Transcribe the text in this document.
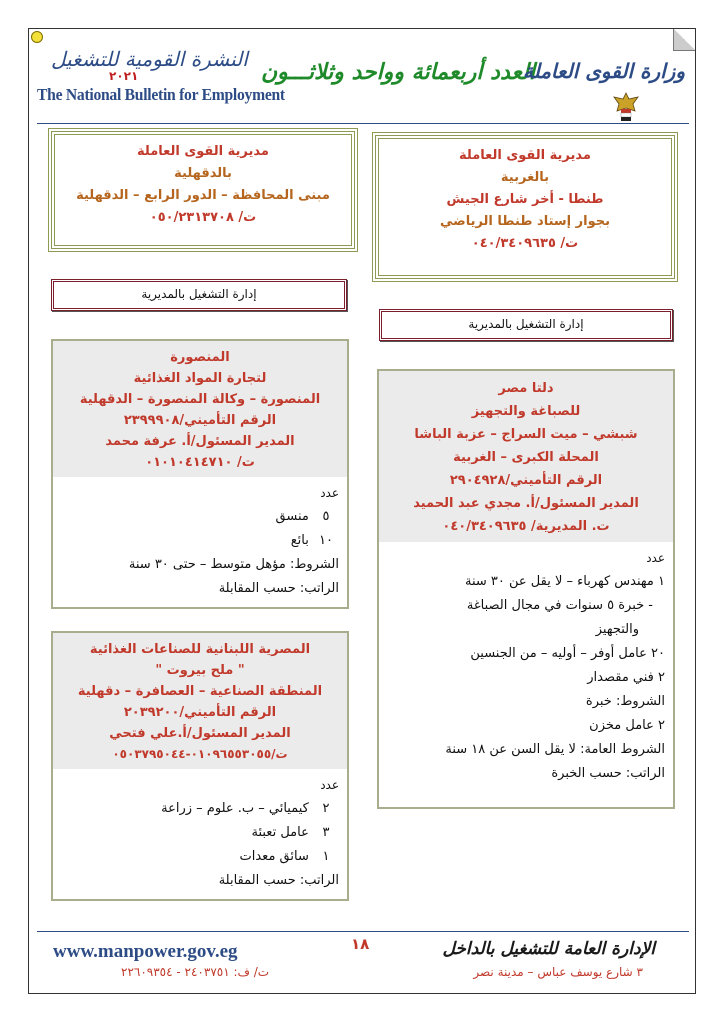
النشرة القومية للتشغيل
٢٠٢١
The National Bulletin for Employment
العدد أربعمائة وواحد وثلاثـــون
وزارة القوى العاملة
مديرية القوى العاملة
بالغربية
طنطا - أخر شارع الجيش
بجوار إستاد طنطا الرياضي
ت/ ٠٤٠/٣٤٠٩٦٣٥
مديرية القوى العاملة
بالدقهلية
مبنى المحافظة – الدور الرابع – الدقهلية
ت/ ٠٥٠/٢٣١٣٧٠٨
إدارة التشغيل بالمديرية
إدارة التشغيل بالمديرية
المنصورة
لتجارة المواد الغذائية
المنصورة – وكالة المنصورة – الدقهلية
الرقم التأميني/٢٣٩٩٩٠٨
المدير المسئول/أ. عرفة محمد
ت/ ٠١٠١٠٤١٤٧١٠
عدد
٥ منسق
١٠ بائع
الشروط: مؤهل متوسط – حتى ٣٠ سنة
الراتب: حسب المقابلة
المصرية اللبنانية للصناعات الغذائية
" ملح بيروت "
المنطقة الصناعية – العصافرة – دقهلية
الرقم التأميني/٢٠٣٩٢٠٠
المدير المسئول/أ.علي فتحي
ت/٠١٠٩٦٥٥٣٠٥٥-٠٥٠٣٧٩٥٠٤٤
عدد
٢ كيميائي – ب. علوم – زراعة
٣ عامل تعبئة
١ سائق معدات
الراتب: حسب المقابلة
دلتا مصر
للصباغة والتجهيز
شبشي – ميت السراج – عزبة الباشا
المحلة الكبرى – الغربية
الرقم التأميني/٢٩٠٤٩٢٨
المدير المسئول/أ. مجدي عبد الحميد
ت. المديرية/ ٠٤٠/٣٤٠٩٦٣٥
عدد
١ مهندس كهرباء – لا يقل عن ٣٠ سنة
- خبرة ٥ سنوات في مجال الصباغة
والتجهيز
٢٠ عامل أوفر – أوليه – من الجنسين
٢ فني مقصدار
الشروط: خبرة
٢ عامل مخزن
الشروط العامة: لا يقل السن عن ١٨ سنة
الراتب: حسب الخبرة
www.manpower.gov.eg	١٨	الإدارة العامة للتشغيل بالداخل
٣ شارع يوسف عباس – مدينة نصر
ت/ ف: ٢٤٠٣٧٥١ - ٢٢٦٠٩٣٥٤
